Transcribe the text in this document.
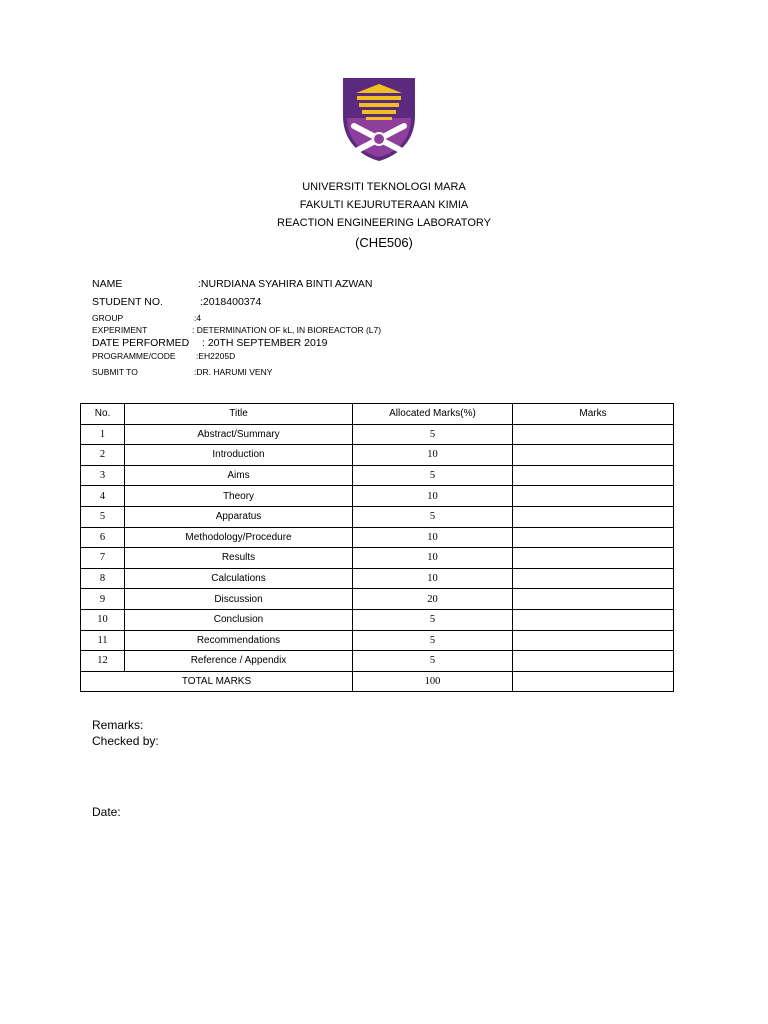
UNIVERSITI TEKNOLOGI MARA
FAKULTI KEJURUTERAAN KIMIA
REACTION ENGINEERING LABORATORY
(CHE506)
NAME	:NURDIANA SYAHIRA BINTI AZWAN
STUDENT NO.	:2018400374
GROUP	:4
EXPERIMENT	: DETERMINATION OF kL, IN BIOREACTOR (L7)
DATE PERFORMED : 20TH SEPTEMBER 2019
PROGRAMME/CODE :EH2205D
SUBMIT TO	:DR. HARUMI VENY
No.	Title	Allocated Marks(%)	Marks
1	Abstract/Summary	5	
2	Introduction	10	
3	Aims	5	
4	Theory	10	
5	Apparatus	5	
6	Methodology/Procedure	10	
7	Results	10	
8	Calculations	10	
9	Discussion	20	
10	Conclusion	5	
11	Recommendations	5	
12	Reference / Appendix	5	
TOTAL MARKS		100	
Remarks:
Checked by:
Date:
